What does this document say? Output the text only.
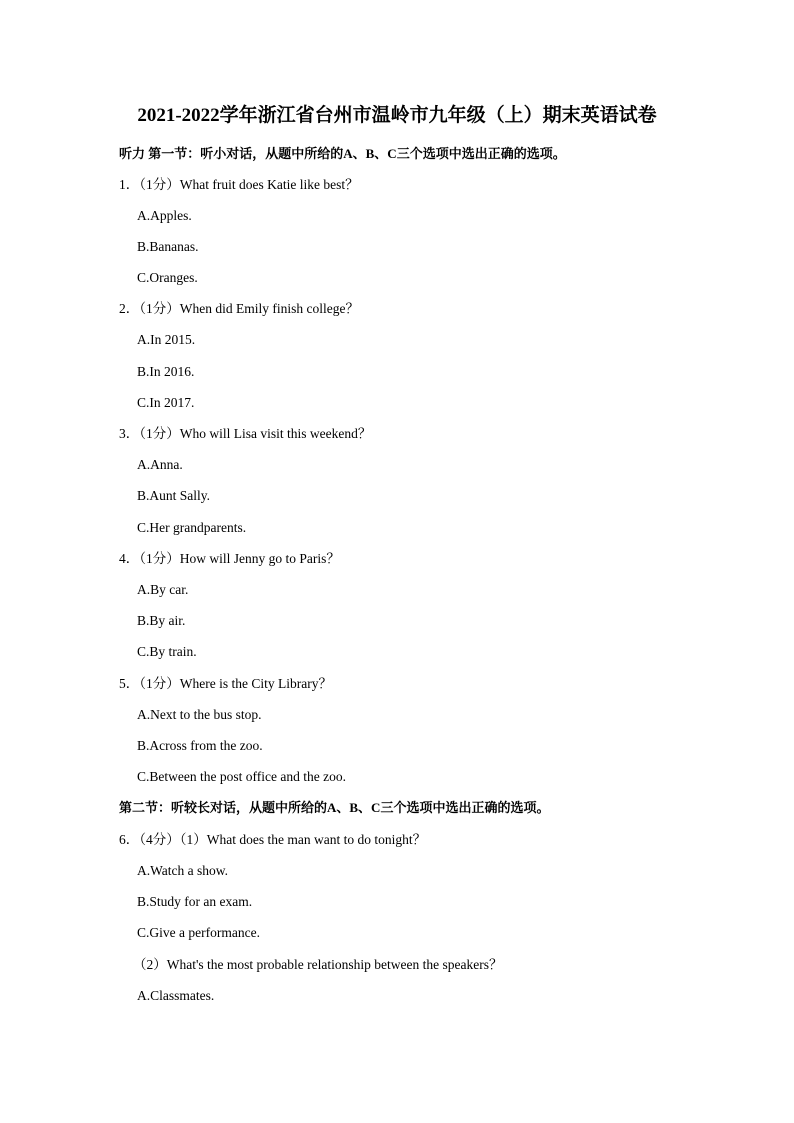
2021-2022学年浙江省台州市温岭市九年级（上）期末英语试卷
听力 第一节：听小对话，从题中所给的A、B、C三个选项中选出正确的选项。
1．（1分）What fruit does Katie like best？
A.Apples.
B.Bananas.
C.Oranges.
2．（1分）When did Emily finish college？
A.In 2015.
B.In 2016.
C.In 2017.
3．（1分）Who will Lisa visit this weekend？
A.Anna.
B.Aunt Sally.
C.Her grandparents.
4．（1分）How will Jenny go to Paris？
A.By car.
B.By air.
C.By train.
5．（1分）Where is the City Library？
A.Next to the bus stop.
B.Across from the zoo.
C.Between the post office and the zoo.
第二节：听较长对话，从题中所给的A、B、C三个选项中选出正确的选项。
6．（4分）（1）What does the man want to do tonight？
A.Watch a show.
B.Study for an exam.
C.Give a performance.
（2）What's the most probable relationship between the speakers？
A.Classmates.
